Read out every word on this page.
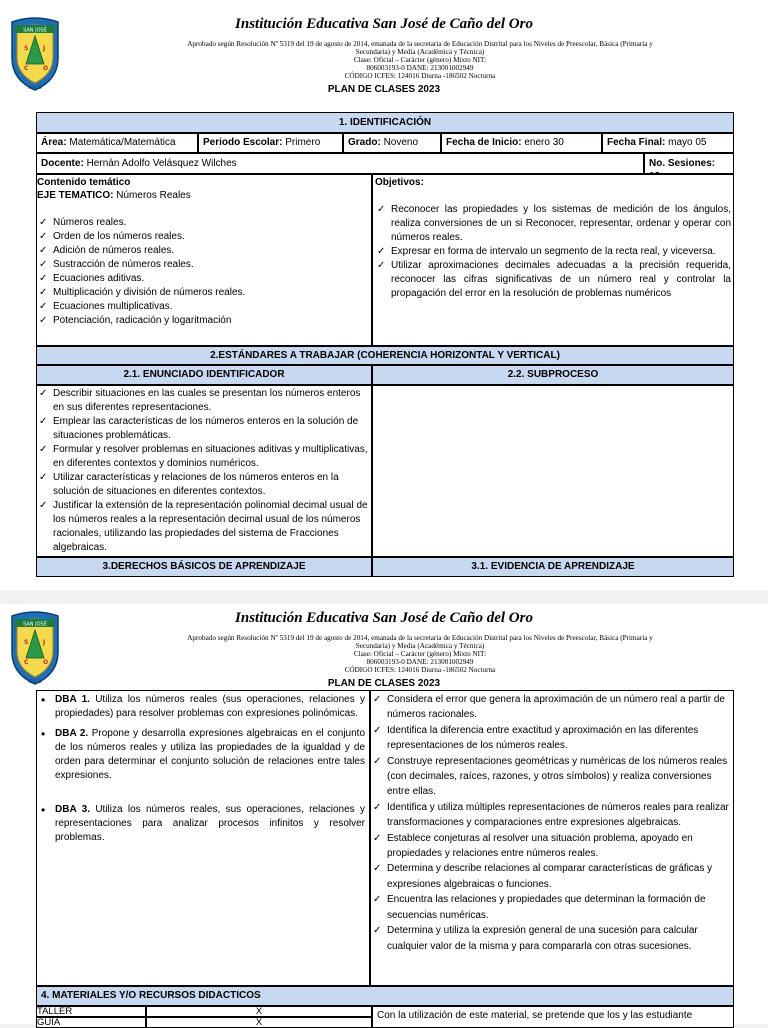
SAN JOSÉ
S J
C O
IESCO
Institución Educativa San José de Caño del Oro
Aprobado según Resolución Nº 5319 del 19 de agosto de 2014, emanada de la secretaria de Educación Distrital para los Niveles de Preescolar, Básica (Primaria y
Secundaria) y Media (Académica y Técnica)
Clase: Oficial – Carácter (género) Mixto NIT:
806003193-0 DANE: 213001002949
CÓDIGO ICFES: 124016 Diurna -186502 Nocturna
PLAN DE CLASES 2023
1. IDENTIFICACIÓN
Área: Matemática/Matemática	Periodo Escolar: Primero	Grado: Noveno	Fecha de Inicio: enero 30	Fecha Final: mayo 05
Docente: Hernán Adolfo Velásquez Wilches	No. Sesiones:
Contenido temático
EJE TEMATICO: Números Reales
✓ Números reales.
✓ Orden de los números reales.
✓ Adición de números reales.
✓ Sustracción de números reales.
✓ Ecuaciones aditivas.
✓ Multiplicación y división de números reales.
✓ Ecuaciones multiplicativas.
✓ Potenciación, radicación y logaritmación
Objetivos:
✓ Reconocer las propiedades y los sistemas de medición de los ángulos, realiza conversiones de un si Reconocer, representar, ordenar y operar con números reales.
✓ Expresar en forma de intervalo un segmento de la recta real, y viceversa.
✓ Utilizar aproximaciones decimales adecuadas a la precisión requerida, reconocer las cifras significativas de un número real y controlar la propagación del error en la resolución de problemas numéricos
2.ESTÁNDARES A TRABAJAR (COHERENCIA HORIZONTAL Y VERTICAL)
2.1. ENUNCIADO IDENTIFICADOR	2.2. SUBPROCESO
✓ Describir situaciones en las cuales se presentan los números enteros en sus diferentes representaciones.
✓ Emplear las características de los números enteros en la solución de situaciones problemáticas.
✓ Formular y resolver problemas en situaciones aditivas y multiplicativas, en diferentes contextos y dominios numéricos.
✓ Utilizar características y relaciones de los números enteros en la solución de situaciones en diferentes contextos.
✓ Justificar la extensión de la representación polinomial decimal usual de los números reales a la representación decimal usual de los números racionales, utilizando las propiedades del sistema de Fracciones algebraicas.
3.DERECHOS BÁSICOS DE APRENDIZAJE	3.1. EVIDENCIA DE APRENDIZAJE
SAN JOSÉ
S J
C O
IESCO
Institución Educativa San José de Caño del Oro
Aprobado según Resolución Nº 5319 del 19 de agosto de 2014, emanada de la secretaria de Educación Distrital para los Niveles de Preescolar, Básica (Primaria y
Secundaria) y Media (Académica y Técnica)
Clase: Oficial – Carácter (género) Mixto NIT:
806003193-0 DANE: 213001002949
CÓDIGO ICFES: 124016 Diurna -186502 Nocturna
PLAN DE CLASES 2023
• DBA 1. Utiliza los números reales (sus operaciones, relaciones y propiedades) para resolver problemas con expresiones polinómicas.
• DBA 2. Propone y desarrolla expresiones algebraicas en el conjunto de los números reales y utiliza las propiedades de la igualdad y de orden para determinar el conjunto solución de relaciones entre tales expresiones.
• DBA 3. Utiliza los números reales, sus operaciones, relaciones y representaciones para analizar procesos infinitos y resolver problemas.
✓ Considera el error que genera la aproximación de un número real a partir de números racionales.
✓ Identifica la diferencia entre exactitud y aproximación en las diferentes representaciones de los números reales.
✓ Construye representaciones geométricas y numéricas de los números reales (con decimales, raíces, razones, y otros símbolos) y realiza conversiones entre ellas.
✓ Identifica y utiliza múltiples representaciones de números reales para realizar transformaciones y comparaciones entre expresiones algebraicas.
✓ Establece conjeturas al resolver una situación problema, apoyado en propiedades y relaciones entre números reales.
✓ Determina y describe relaciones al comparar características de gráficas y expresiones algebraicas o funciones.
✓ Encuentra las relaciones y propiedades que determinan la formación de secuencias numéricas.
✓ Determina y utiliza la expresión general de una sucesión para calcular cualquier valor de la misma y para compararla con otras sucesiones.
4. MATERIALES Y/O RECURSOS DIDACTICOS
TALLER	X
GUIA	X
Con la utilización de este material, se pretende que los y las estudiante
